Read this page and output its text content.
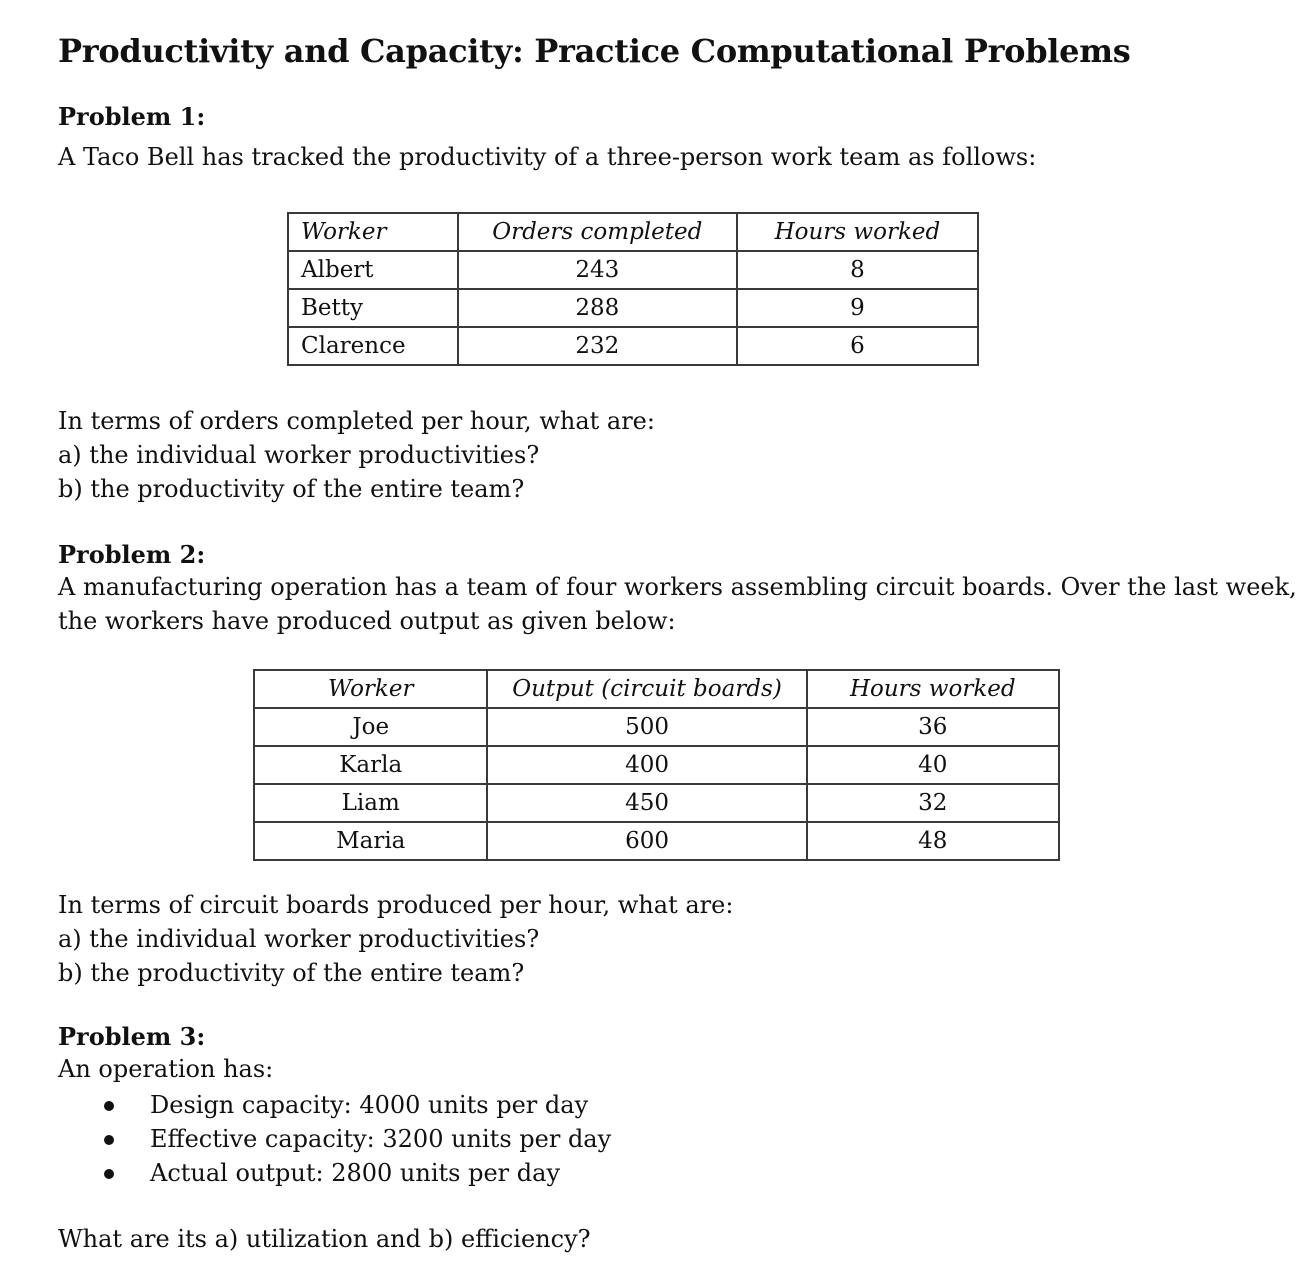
Productivity and Capacity: Practice Computational Problems
Problem 1:

A Taco Bell has tracked the productivity of a three-person work team as follows:

Worker	Orders completed	Hours worked
Albert	243	8
Betty	288	9
Clarence	232	6
In terms of orders completed per hour, what are:
a) the individual worker productivities?
b) the productivity of the entire team?
Problem 2:
A manufacturing operation has a team of four workers assembling circuit boards. Over the last week,
the workers have produced output as given below:
Worker	Output (circuit boards)	Hours worked
Joe	500	36
Karla	400	40
Liam	450	32
Maria	600	48
In terms of circuit boards produced per hour, what are:
a) the individual worker productivities?
b) the productivity of the entire team?
Problem 3:

An operation has:

Design capacity: 4000 units per day
Effective capacity: 3200 units per day
Actual output: 2800 units per day

What are its a) utilization and b) efficiency?
